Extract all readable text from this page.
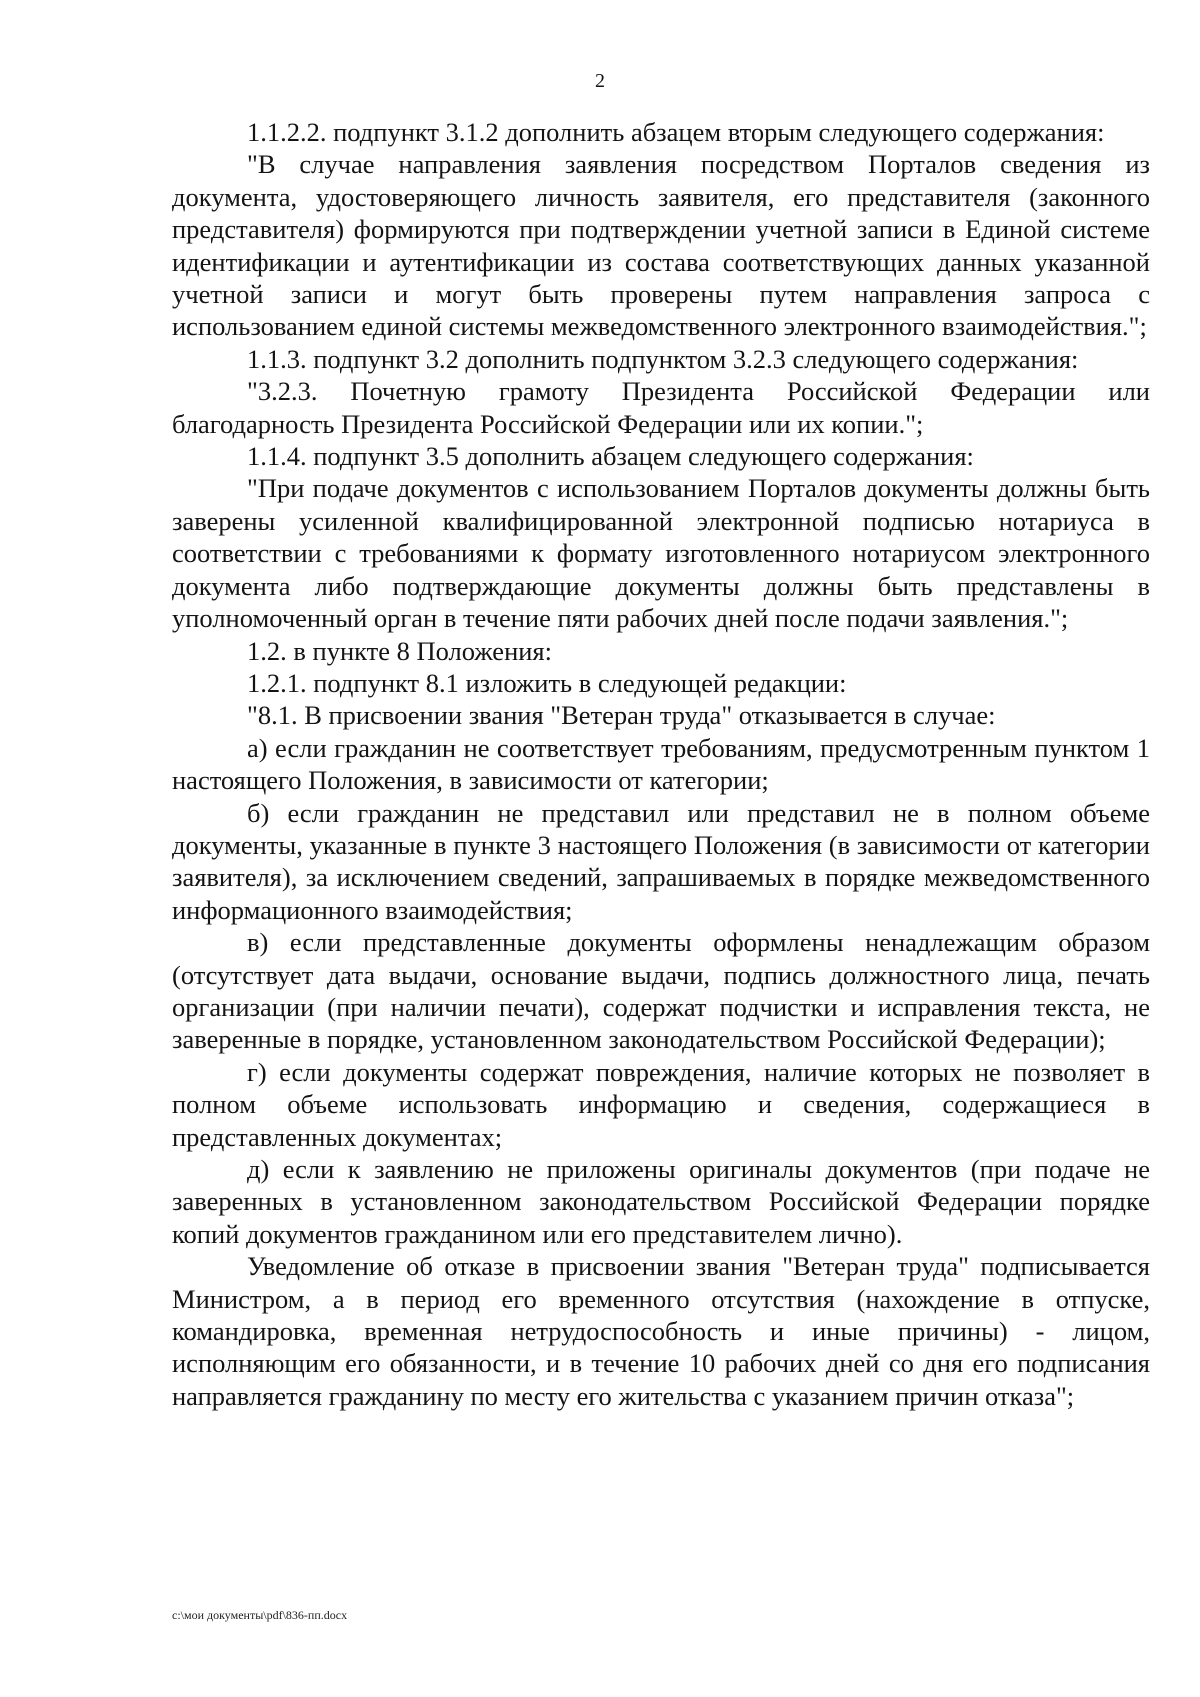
2

1.1.2.2. подпункт 3.1.2 дополнить абзацем вторым следующего содержания:

"В случае направления заявления посредством Порталов сведения из документа, удостоверяющего личность заявителя, его представителя (законного представителя) формируются при подтверждении учетной записи в Единой системе идентификации и аутентификации из состава соответствующих данных указанной учетной записи и могут быть проверены путем направления запроса с использованием единой системы межведомственного электронного взаимодействия.";

1.1.3. подпункт 3.2 дополнить подпунктом 3.2.3 следующего содержания:

"3.2.3. Почетную грамоту Президента Российской Федерации или благодарность Президента Российской Федерации или их копии.";

1.1.4. подпункт 3.5 дополнить абзацем следующего содержания:

"При подаче документов с использованием Порталов документы должны быть заверены усиленной квалифицированной электронной подписью нотариуса в соответствии с требованиями к формату изготовленного нотариусом электронного документа либо подтверждающие документы должны быть представлены в уполномоченный орган в течение пяти рабочих дней после подачи заявления.";

1.2. в пункте 8 Положения:

1.2.1. подпункт 8.1 изложить в следующей редакции:

"8.1. В присвоении звания "Ветеран труда" отказывается в случае:

а) если гражданин не соответствует требованиям, предусмотренным пунктом 1 настоящего Положения, в зависимости от категории;

б) если гражданин не представил или представил не в полном объеме документы, указанные в пункте 3 настоящего Положения (в зависимости от категории заявителя), за исключением сведений, запрашиваемых в порядке межведомственного информационного взаимодействия;

в) если представленные документы оформлены ненадлежащим образом (отсутствует дата выдачи, основание выдачи, подпись должностного лица, печать организации (при наличии печати), содержат подчистки и исправления текста, не заверенные в порядке, установленном законодательством Российской Федерации);

г) если документы содержат повреждения, наличие которых не позволяет в полном объеме использовать информацию и сведения, содержащиеся в представленных документах;

д) если к заявлению не приложены оригиналы документов (при подаче не заверенных в установленном законодательством Российской Федерации порядке копий документов гражданином или его представителем лично).

Уведомление об отказе в присвоении звания "Ветеран труда" подписывается Министром, а в период его временного отсутствия (нахождение в отпуске, командировка, временная нетрудоспособность и иные причины) - лицом, исполняющим его обязанности, и в течение 10 рабочих дней со дня его подписания направляется гражданину по месту его жительства с указанием причин отказа";

c:\мои документы\pdf\836-пп.docx
